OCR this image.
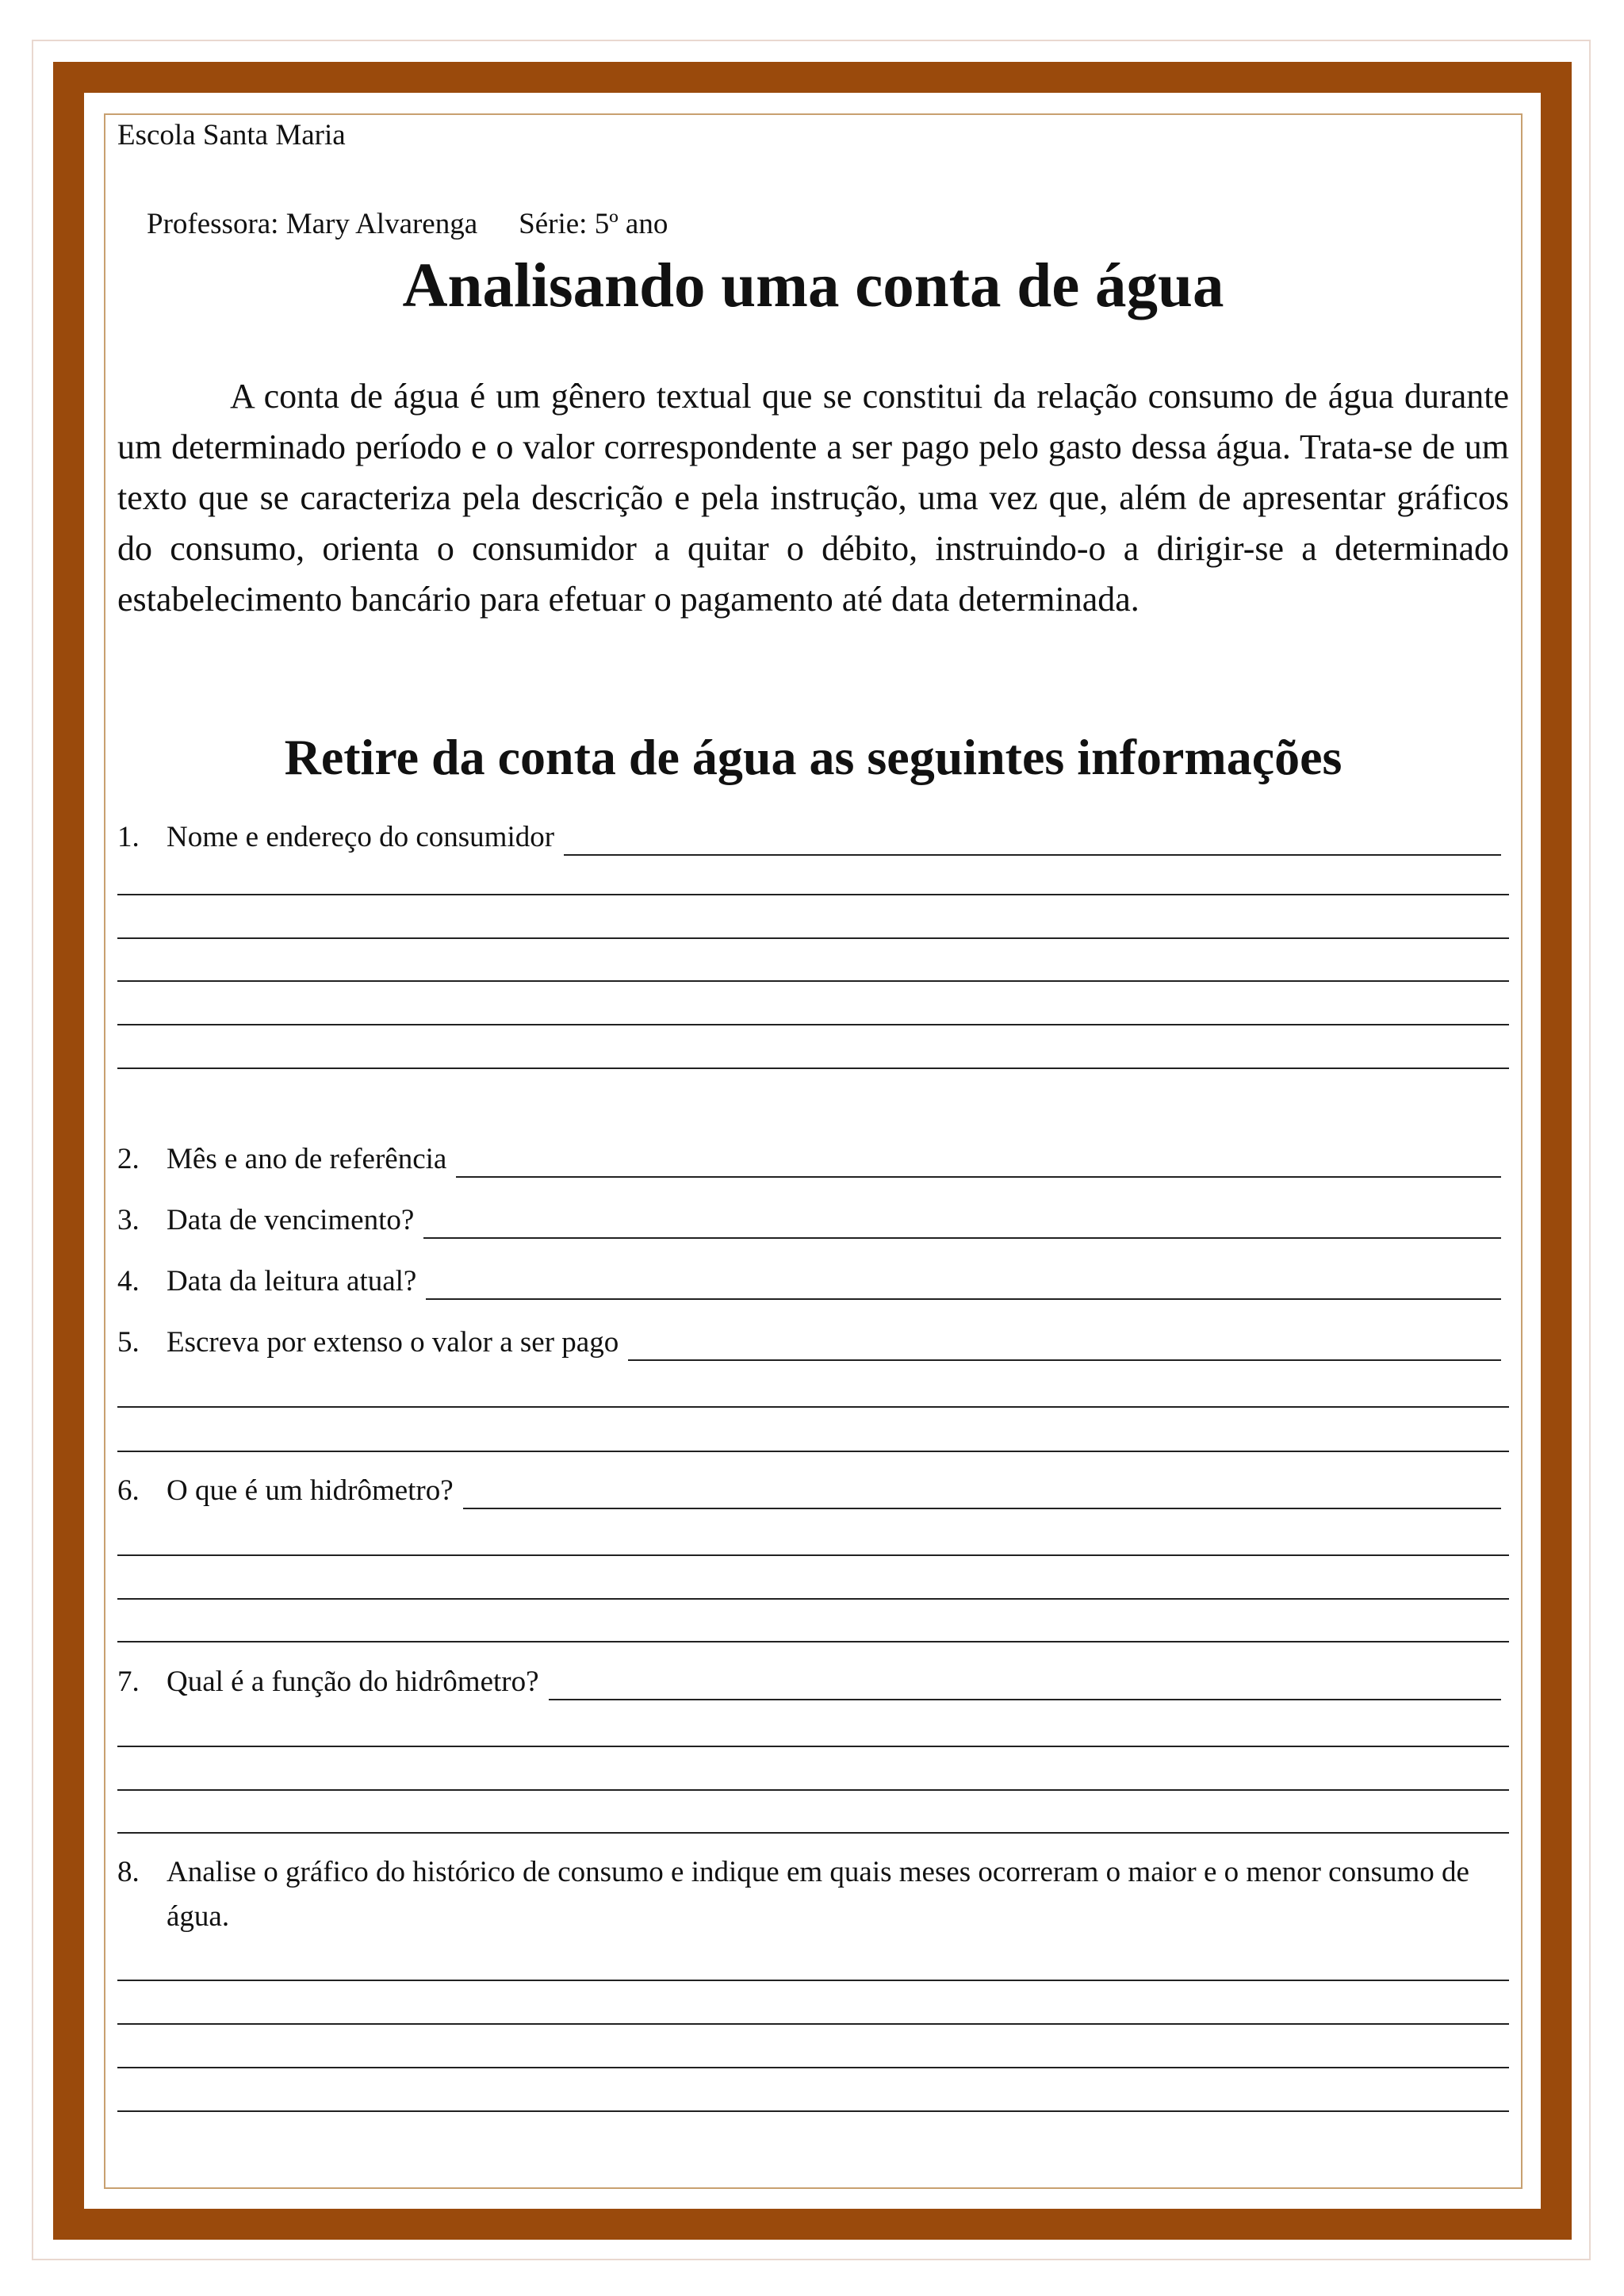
Escola Santa Maria

Professora: Mary Alvarenga Série: 5º ano

Analisando uma conta de água

A conta de água é um gênero textual que se constitui da relação consumo de água durante um determinado período e o valor correspondente a ser pago pelo gasto dessa água. Trata-se de um texto que se caracteriza pela descrição e pela instrução, uma vez que, além de apresentar gráficos do consumo, orienta o consumidor a quitar o débito, instruindo-o a dirigir-se a determinado estabelecimento bancário para efetuar o pagamento até data determinada.

Retire da conta de água as seguintes informações
1. Nome e endereço do consumidor
2. Mês e ano de referência
3. Data de vencimento?
4. Data da leitura atual?
5. Escreva por extenso o valor a ser pago
6. O que é um hidrômetro?
7. Qual é a função do hidrômetro?
8. Analise o gráfico do histórico de consumo e indique em quais meses ocorreram o maior e o menor consumo de água.
